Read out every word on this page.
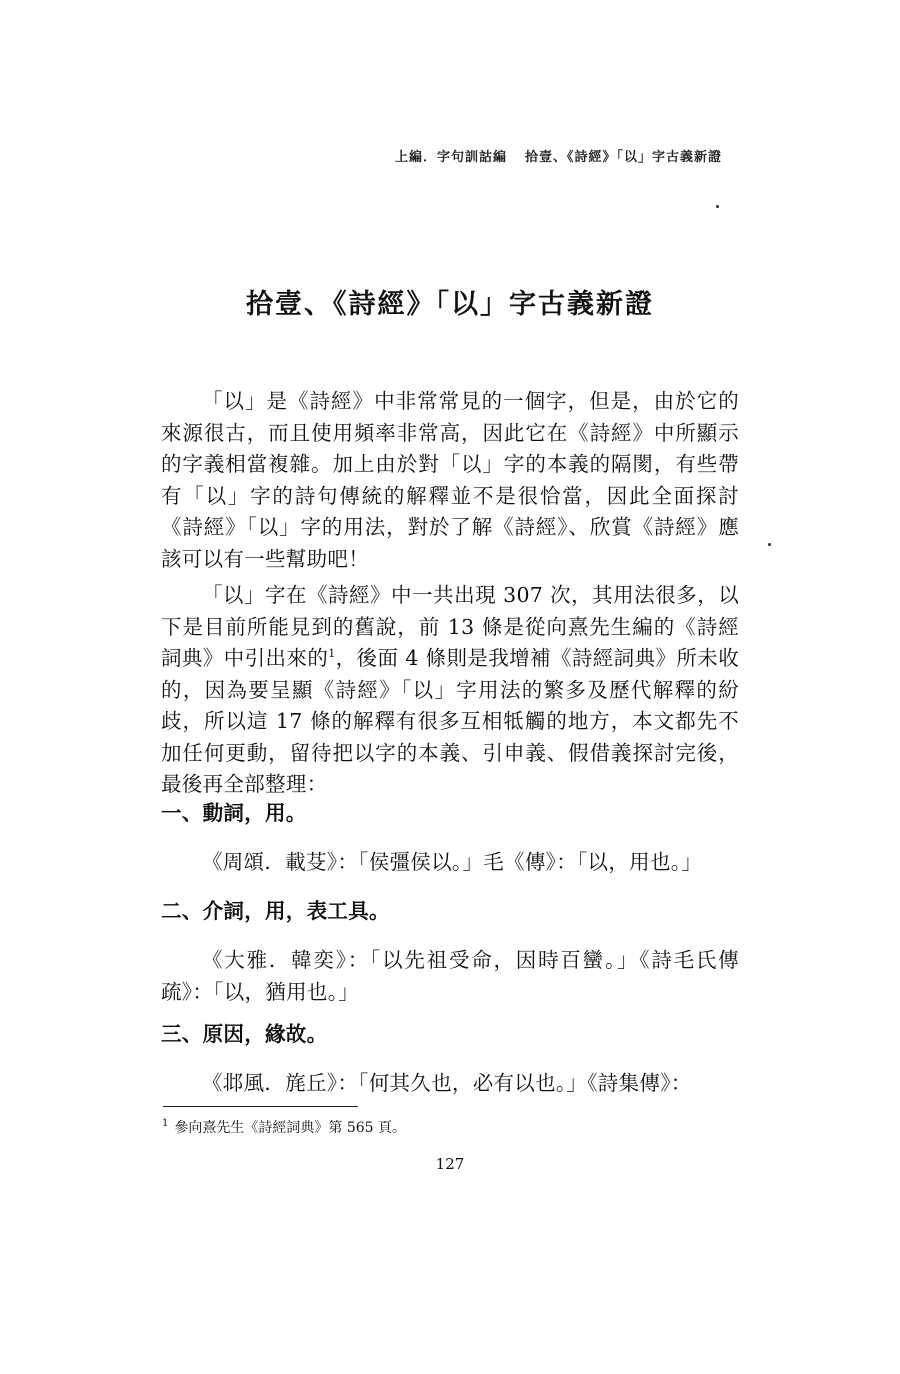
上編．字句訓詁編 拾壹、《詩經》「以」字古義新證
拾壹、《詩經》「以」字古義新證

「以」是《詩經》中非常常見的一個字，但是，由於它的來源很古，而且使用頻率非常高，因此它在《詩經》中所顯示的字義相當複雜。加上由於對「以」字的本義的隔閡，有些帶有「以」字的詩句傳統的解釋並不是很恰當，因此全面探討《詩經》「以」字的用法，對於了解《詩經》、欣賞《詩經》應該可以有一些幫助吧！

「以」字在《詩經》中一共出現 307 次，其用法很多，以下是目前所能見到的舊說，前 13 條是從向熹先生編的《詩經詞典》中引出來的$^1$，後面 4 條則是我增補《詩經詞典》所未收的，因為要呈顯《詩經》「以」字用法的繁多及歷代解釋的紛歧，所以這 17 條的解釋有很多互相牴觸的地方，本文都先不加任何更動，留待把以字的本義、引申義、假借義探討完後，最後再全部整理：

一、動詞，用。

《周頌．載芟》：「侯彊侯以。」毛《傳》：「以，用也。」

二、介詞，用，表工具。

《大雅．韓奕》：「以先祖受命，因時百蠻。」《詩毛氏傳疏》：「以，猶用也。」

三、原因，緣故。

《邶風．旄丘》：「何其久也，必有以也。」《詩集傳》：

$^1$ 參向熹先生《詩經詞典》第 565 頁。
127
